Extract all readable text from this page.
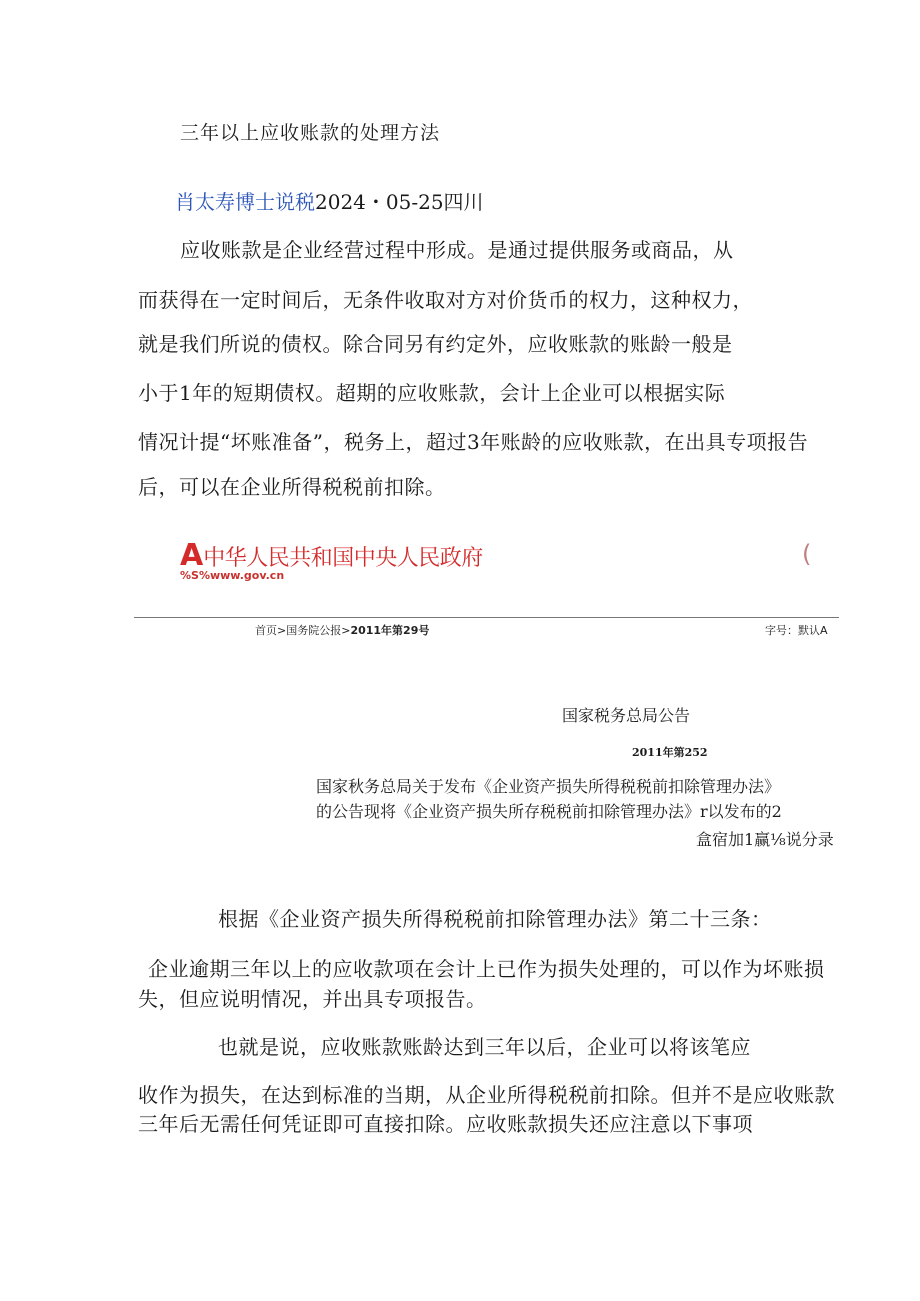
三年以上应收账款的处理方法
肖太寿博士说税2024・05-25四川
应收账款是企业经营过程中形成。是通过提供服务或商品，从
而获得在一定时间后，无条件收取对方对价货币的权力，这种权力，
就是我们所说的债权。除合同另有约定外，应收账款的账龄一般是
小于1年的短期债权。超期的应收账款，会计上企业可以根据实际
情况计提“坏账准备”，税务上，超过3年账龄的应收账款，在出具专项报告
后，可以在企业所得税税前扣除。
A中华人民共和国中央人民政府
%S%www.gov.cn
(
首页>国务院公报>2011年第29号	字号：默认A
国家税务总局公告
2011年第252
国家秋务总局关于发布《企业资产损失所得税税前扣除管理办法》
的公告现将《企业资产损失所存税税前扣除管理办法》r以发布的2
盒宿加1赢⅛说分录
根据《企业资产损失所得税税前扣除管理办法》第二十三条：
企业逾期三年以上的应收款项在会计上已作为损失处理的，可以作为坏账损
失，但应说明情况，并出具专项报告。
也就是说，应收账款账龄达到三年以后，企业可以将该笔应
收作为损失，在达到标准的当期，从企业所得税税前扣除。但并不是应收账款
三年后无需任何凭证即可直接扣除。应收账款损失还应注意以下事项
